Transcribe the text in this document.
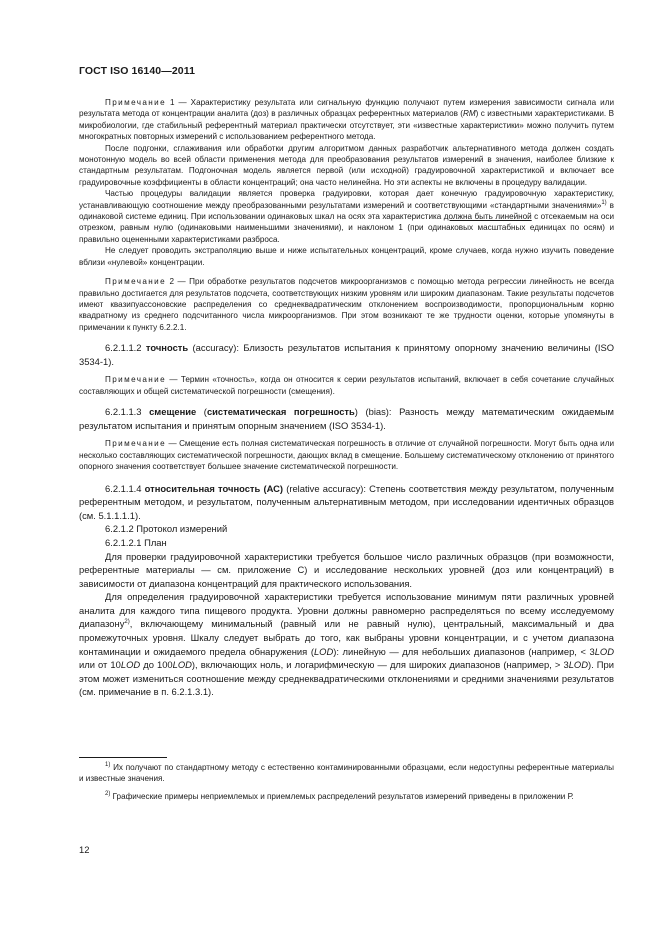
ГОСТ ISO 16140—2011

Примечание 1 — Характеристику результата или сигнальную функцию получают путем измерения зависимости сигнала или результата метода от концентрации аналита (доз) в различных образцах референтных материалов (RM) с известными характеристиками. В микробиологии, где стабильный референтный материал практически отсутствует, эти «известные характеристики» можно получить путем многократных повторных измерений с использованием референтного метода.

После подгонки, сглаживания или обработки другим алгоритмом данных разработчик альтернативного метода должен создать монотонную модель во всей области применения метода для преобразования результатов измерений в значения, наиболее близкие к стандартным результатам. Подгоночная модель является первой (или исходной) градуировочной характеристикой и включает все градуировочные коэффициенты в области концентраций; она часто нелинейна. Но эти аспекты не включены в процедуру валидации.

Частью процедуры валидации является проверка градуировки, которая дает конечную градуировочную характеристику, устанавливающую соотношение между преобразованными результатами измерений и соответствующими «стандартными значениями»$^{1)}$ в одинаковой системе единиц. При использовании одинаковых шкал на осях эта характеристика должна быть линейной с отсекаемым на оси отрезком, равным нулю (одинаковыми наименьшими значениями), и наклоном 1 (при одинаковых масштабных единицах по осям) и правильно оцененными характеристиками разброса.

Не следует проводить экстраполяцию выше и ниже испытательных концентраций, кроме случаев, когда нужно изучить поведение вблизи «нулевой» концентрации.

Примечание 2 — При обработке результатов подсчетов микроорганизмов с помощью метода регрессии линейность не всегда правильно достигается для результатов подсчета, соответствующих низким уровням или широким диапазонам. Такие результаты подсчетов имеют квазипуассоновские распределения со среднеквадратическим отклонением воспроизводимости, пропорциональным корню квадратному из среднего подсчитанного числа микроорганизмов. При этом возникают те же трудности оценки, которые упомянуты в примечании к пункту 6.2.2.1.

6.2.1.1.2 точность (accuracy): Близость результатов испытания к принятому опорному значению величины (ISO 3534-1).

Примечание — Термин «точность», когда он относится к серии результатов испытаний, включает в себя сочетание случайных составляющих и общей систематической погрешности (смещения).

6.2.1.1.3 смещение (систематическая погрешность) (bias): Разность между математическим ожидаемым результатом испытания и принятым опорным значением (ISO 3534-1).

Примечание — Смещение есть полная систематическая погрешность в отличие от случайной погрешности. Могут быть одна или несколько составляющих систематической погрешности, дающих вклад в смещение. Большему систематическому отклонению от принятого опорного значения соответствует большее значение систематической погрешности.

6.2.1.1.4 относительная точность (АС) (relative accuracy): Степень соответствия между результатом, полученным референтным методом, и результатом, полученным альтернативным методом, при исследовании идентичных образцов (см. 5.1.1.1.1).

6.2.1.2 Протокол измерений

6.2.1.2.1 План

Для проверки градуировочной характеристики требуется большое число различных образцов (при возможности, референтные материалы — см. приложение С) и исследование нескольких уровней (доз или концентраций) в зависимости от диапазона концентраций для практического использования.

Для определения градуировочной характеристики требуется использование минимум пяти различных уровней аналита для каждого типа пищевого продукта. Уровни должны равномерно распределяться по всему исследуемому диапазону$^{2)}$, включающему минимальный (равный или не равный нулю), центральный, максимальный и два промежуточных уровня. Шкалу следует выбрать до того, как выбраны уровни концентрации, и с учетом диапазона контаминации и ожидаемого предела обнаружения (LOD): линейную — для небольших диапазонов (например, < 3LOD или от 10LOD до 100LOD), включающих ноль, и логарифмическую — для широких диапазонов (например, > 3LOD). При этом может измениться соотношение между среднеквадратическими отклонениями и средними значениями результатов (см. примечание в п. 6.2.1.3.1).

$^{1)}$ Их получают по стандартному методу с естественно контаминированными образцами, если недоступны референтные материалы и известные значения.

$^{2)}$ Графические примеры неприемлемых и приемлемых распределений результатов измерений приведены в приложении Р.

12
